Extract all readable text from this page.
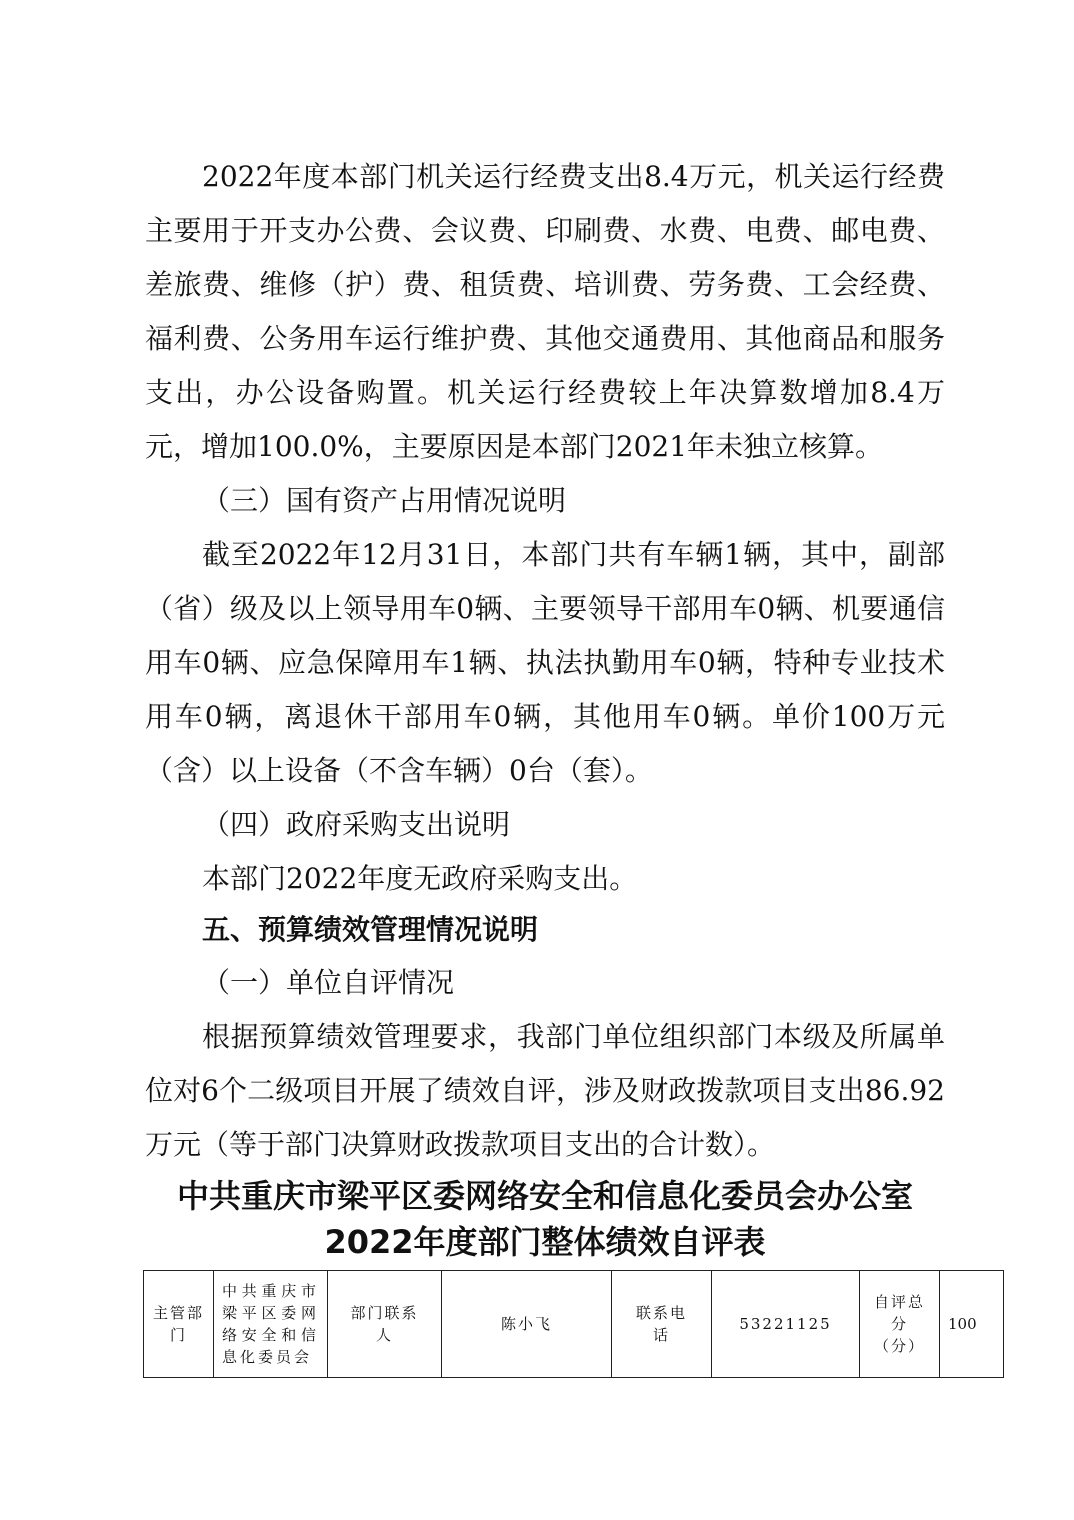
2022年度本部门机关运行经费支出8.4万元，机关运行经费主要用于开支办公费、会议费、印刷费、水费、电费、邮电费、差旅费、维修（护）费、租赁费、培训费、劳务费、工会经费、福利费、公务用车运行维护费、其他交通费用、其他商品和服务支出，办公设备购置。机关运行经费较上年决算数增加8.4万元，增加100.0%，主要原因是本部门2021年未独立核算。

（三）国有资产占用情况说明

截至2022年12月31日，本部门共有车辆1辆，其中，副部（省）级及以上领导用车0辆、主要领导干部用车0辆、机要通信用车0辆、应急保障用车1辆、执法执勤用车0辆，特种专业技术用车0辆，离退休干部用车0辆，其他用车0辆。单价100万元（含）以上设备（不含车辆）0台（套）。

（四）政府采购支出说明

本部门2022年度无政府采购支出。

五、预算绩效管理情况说明

（一）单位自评情况

根据预算绩效管理要求，我部门单位组织部门本级及所属单位对6个二级项目开展了绩效自评，涉及财政拨款项目支出86.92万元（等于部门决算财政拨款项目支出的合计数）。

中共重庆市梁平区委网络安全和信息化委员会办公室

2022年度部门整体绩效自评表

主管部门	中共重庆市梁平区委网络安全和信息化委员会	部门联系人	陈小飞	联系电话	53221125	自评总分（分）	100
